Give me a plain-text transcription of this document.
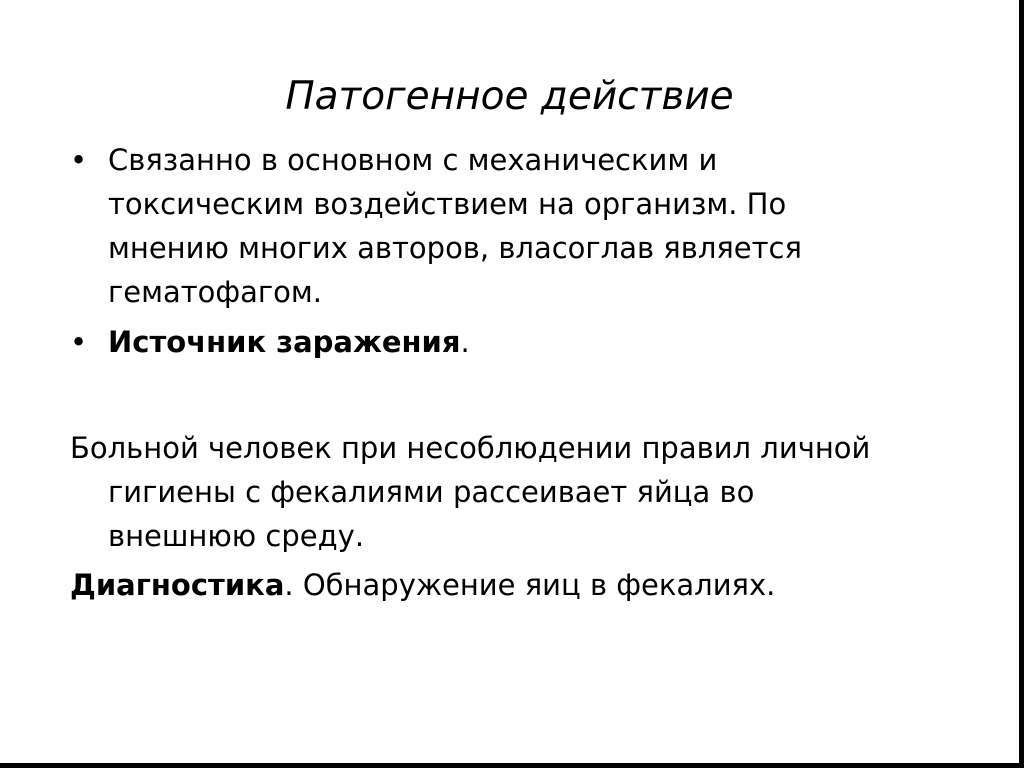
Патогенное действие
• Связанно в основном с механическим и
токсическим воздействием на организм. По
мнению многих авторов, власоглав является
гематофагом.
• Источник заражения.
Больной человек при несоблюдении правил личной
гигиены с фекалиями рассеивает яйца во
внешнюю среду.
Диагностика. Обнаружение яиц в фекалиях.
